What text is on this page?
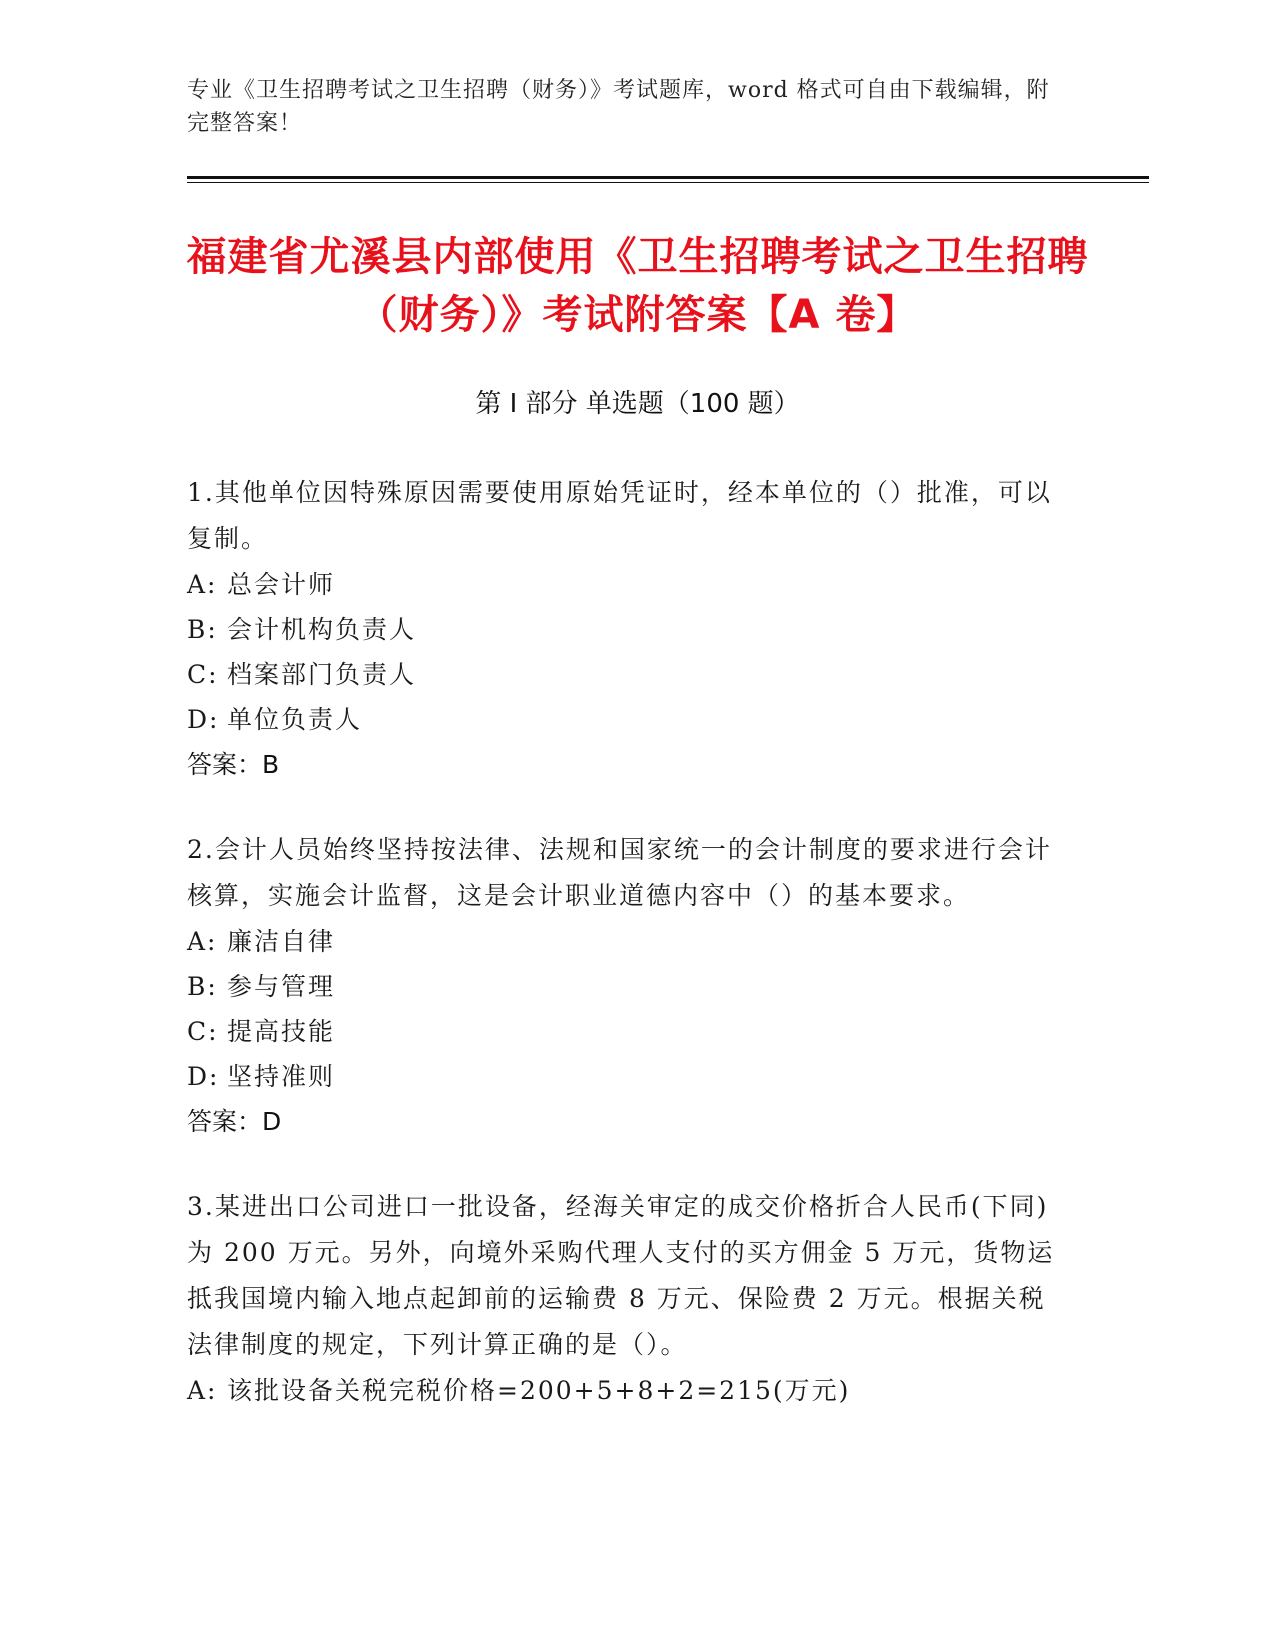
专业《卫生招聘考试之卫生招聘（财务）》考试题库，word 格式可自由下载编辑，附完整答案！
福建省尤溪县内部使用《卫生招聘考试之卫生招聘（财务）》考试附答案【A 卷】
第 I 部分 单选题（100 题）

1.其他单位因特殊原因需要使用原始凭证时，经本单位的（）批准，可以复制。

A: 总会计师

B: 会计机构负责人

C: 档案部门负责人

D: 单位负责人

答案：B

2.会计人员始终坚持按法律、法规和国家统一的会计制度的要求进行会计核算，实施会计监督，这是会计职业道德内容中（）的基本要求。

A: 廉洁自律

B: 参与管理

C: 提高技能

D: 坚持准则

答案：D

3.某进出口公司进口一批设备，经海关审定的成交价格折合人民币(下同)为 200 万元。另外，向境外采购代理人支付的买方佣金 5 万元，货物运抵我国境内输入地点起卸前的运输费 8 万元、保险费 2 万元。根据关税法律制度的规定，下列计算正确的是（）。

A: 该批设备关税完税价格=200+5+8+2=215(万元)
